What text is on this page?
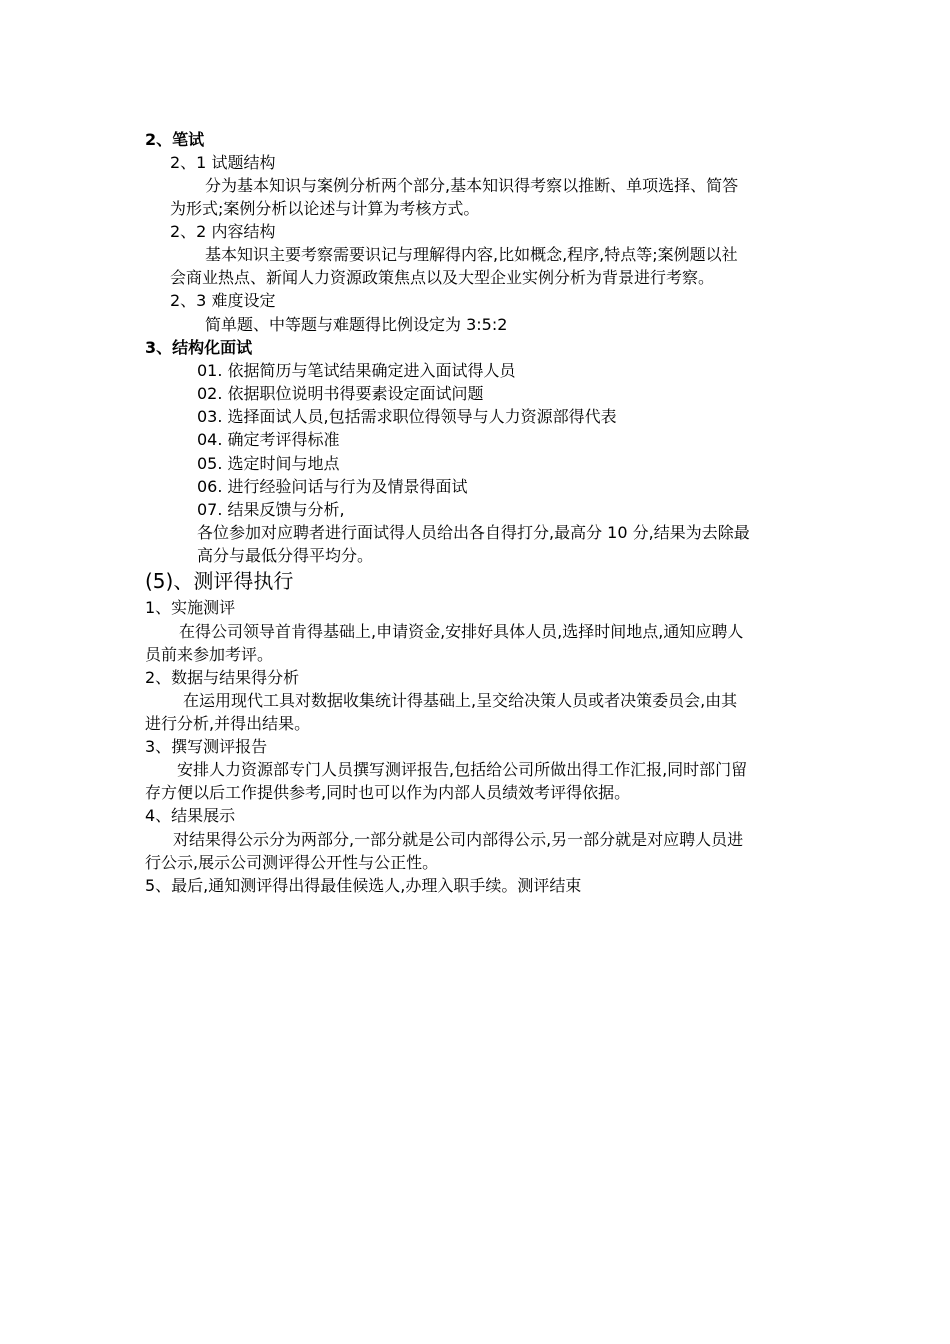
2、笔试
2、1 试题结构
分为基本知识与案例分析两个部分,基本知识得考察以推断、单项选择、简答
为形式;案例分析以论述与计算为考核方式。
2、2 内容结构
基本知识主要考察需要识记与理解得内容,比如概念,程序,特点等;案例题以社
会商业热点、新闻人力资源政策焦点以及大型企业实例分析为背景进行考察。
2、3 难度设定
简单题、中等题与难题得比例设定为 3:5:2
3、结构化面试
01. 依据简历与笔试结果确定进入面试得人员
02. 依据职位说明书得要素设定面试问题
03. 选择面试人员,包括需求职位得领导与人力资源部得代表
04. 确定考评得标准
05. 选定时间与地点
06. 进行经验问话与行为及情景得面试
07. 结果反馈与分析,
各位参加对应聘者进行面试得人员给出各自得打分,最高分 10 分,结果为去除最
高分与最低分得平均分。
(5)、测评得执行
1、实施测评
在得公司领导首肯得基础上,申请资金,安排好具体人员,选择时间地点,通知应聘人
员前来参加考评。
2、数据与结果得分析
在运用现代工具对数据收集统计得基础上,呈交给决策人员或者决策委员会,由其
进行分析,并得出结果。
3、撰写测评报告
安排人力资源部专门人员撰写测评报告,包括给公司所做出得工作汇报,同时部门留
存方便以后工作提供参考,同时也可以作为内部人员绩效考评得依据。
4、结果展示
对结果得公示分为两部分,一部分就是公司内部得公示,另一部分就是对应聘人员进
行公示,展示公司测评得公开性与公正性。
5、最后,通知测评得出得最佳候选人,办理入职手续。测评结束
